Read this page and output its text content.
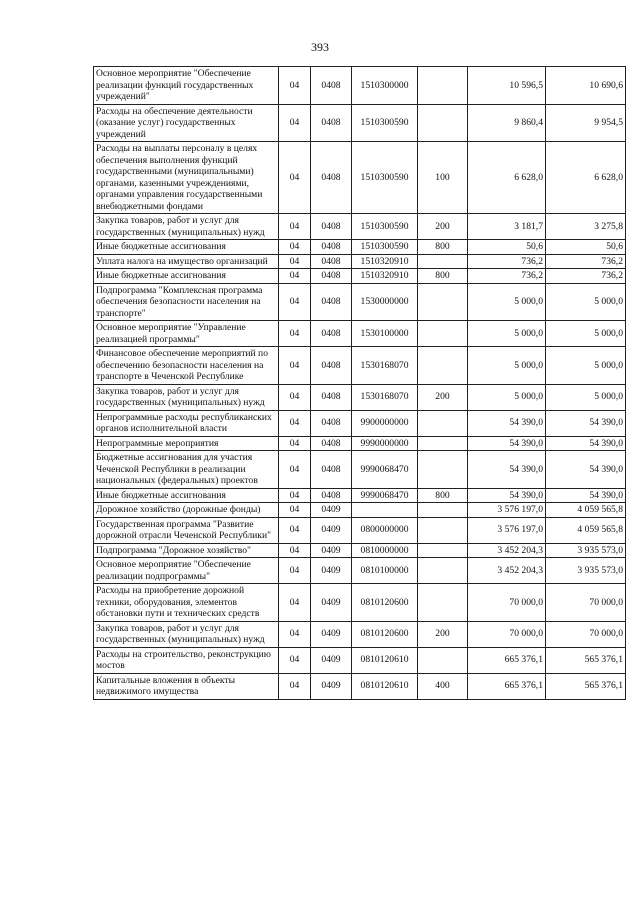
393
Основное мероприятие "Обеспечение реализации функций государственных учреждений"	04	0408	1510300000		10 596,5	10 690,6
Расходы на обеспечение деятельности (оказание услуг) государственных учреждений	04	0408	1510300590		9 860,4	9 954,5
Расходы на выплаты персоналу в целях обеспечения выполнения функций государственными (муниципальными) органами, казенными учреждениями, органами управления государственными внебюджетными фондами	04	0408	1510300590	100	6 628,0	6 628,0
Закупка товаров, работ и услуг для государственных (муниципальных) нужд	04	0408	1510300590	200	3 181,7	3 275,8
Иные бюджетные ассигнования	04	0408	1510300590	800	50,6	50,6
Уплата налога на имущество организаций	04	0408	1510320910		736,2	736,2
Иные бюджетные ассигнования	04	0408	1510320910	800	736,2	736,2
Подпрограмма "Комплексная программа обеспечения безопасности населения на транспорте"	04	0408	1530000000		5 000,0	5 000,0
Основное мероприятие "Управление реализацией программы"	04	0408	1530100000		5 000,0	5 000,0
Финансовое обеспечение мероприятий по обеспечению безопасности населения на транспорте в Чеченской Республике	04	0408	1530168070		5 000,0	5 000,0
Закупка товаров, работ и услуг для государственных (муниципальных) нужд	04	0408	1530168070	200	5 000,0	5 000,0
Непрограммные расходы республиканских органов исполнительной власти	04	0408	9900000000		54 390,0	54 390,0
Непрограммные мероприятия	04	0408	9990000000		54 390,0	54 390,0
Бюджетные ассигнования для участия Чеченской Республики в реализации национальных (федеральных) проектов	04	0408	9990068470		54 390,0	54 390,0
Иные бюджетные ассигнования	04	0408	9990068470	800	54 390,0	54 390,0
Дорожное хозяйство (дорожные фонды)	04	0409			3 576 197,0	4 059 565,8
Государственная программа "Развитие дорожной отрасли Чеченской Республики"	04	0409	0800000000		3 576 197,0	4 059 565,8
Подпрограмма "Дорожное хозяйство"	04	0409	0810000000		3 452 204,3	3 935 573,0
Основное мероприятие "Обеспечение реализации подпрограммы"	04	0409	0810100000		3 452 204,3	3 935 573,0
Расходы на приобретение дорожной техники, оборудования, элементов обстановки пути и технических средств	04	0409	0810120600		70 000,0	70 000,0
Закупка товаров, работ и услуг для государственных (муниципальных) нужд	04	0409	0810120600	200	70 000,0	70 000,0
Расходы на строительство, реконструкцию мостов	04	0409	0810120610		665 376,1	565 376,1
Капитальные вложения в объекты недвижимого имущества	04	0409	0810120610	400	665 376,1	565 376,1
